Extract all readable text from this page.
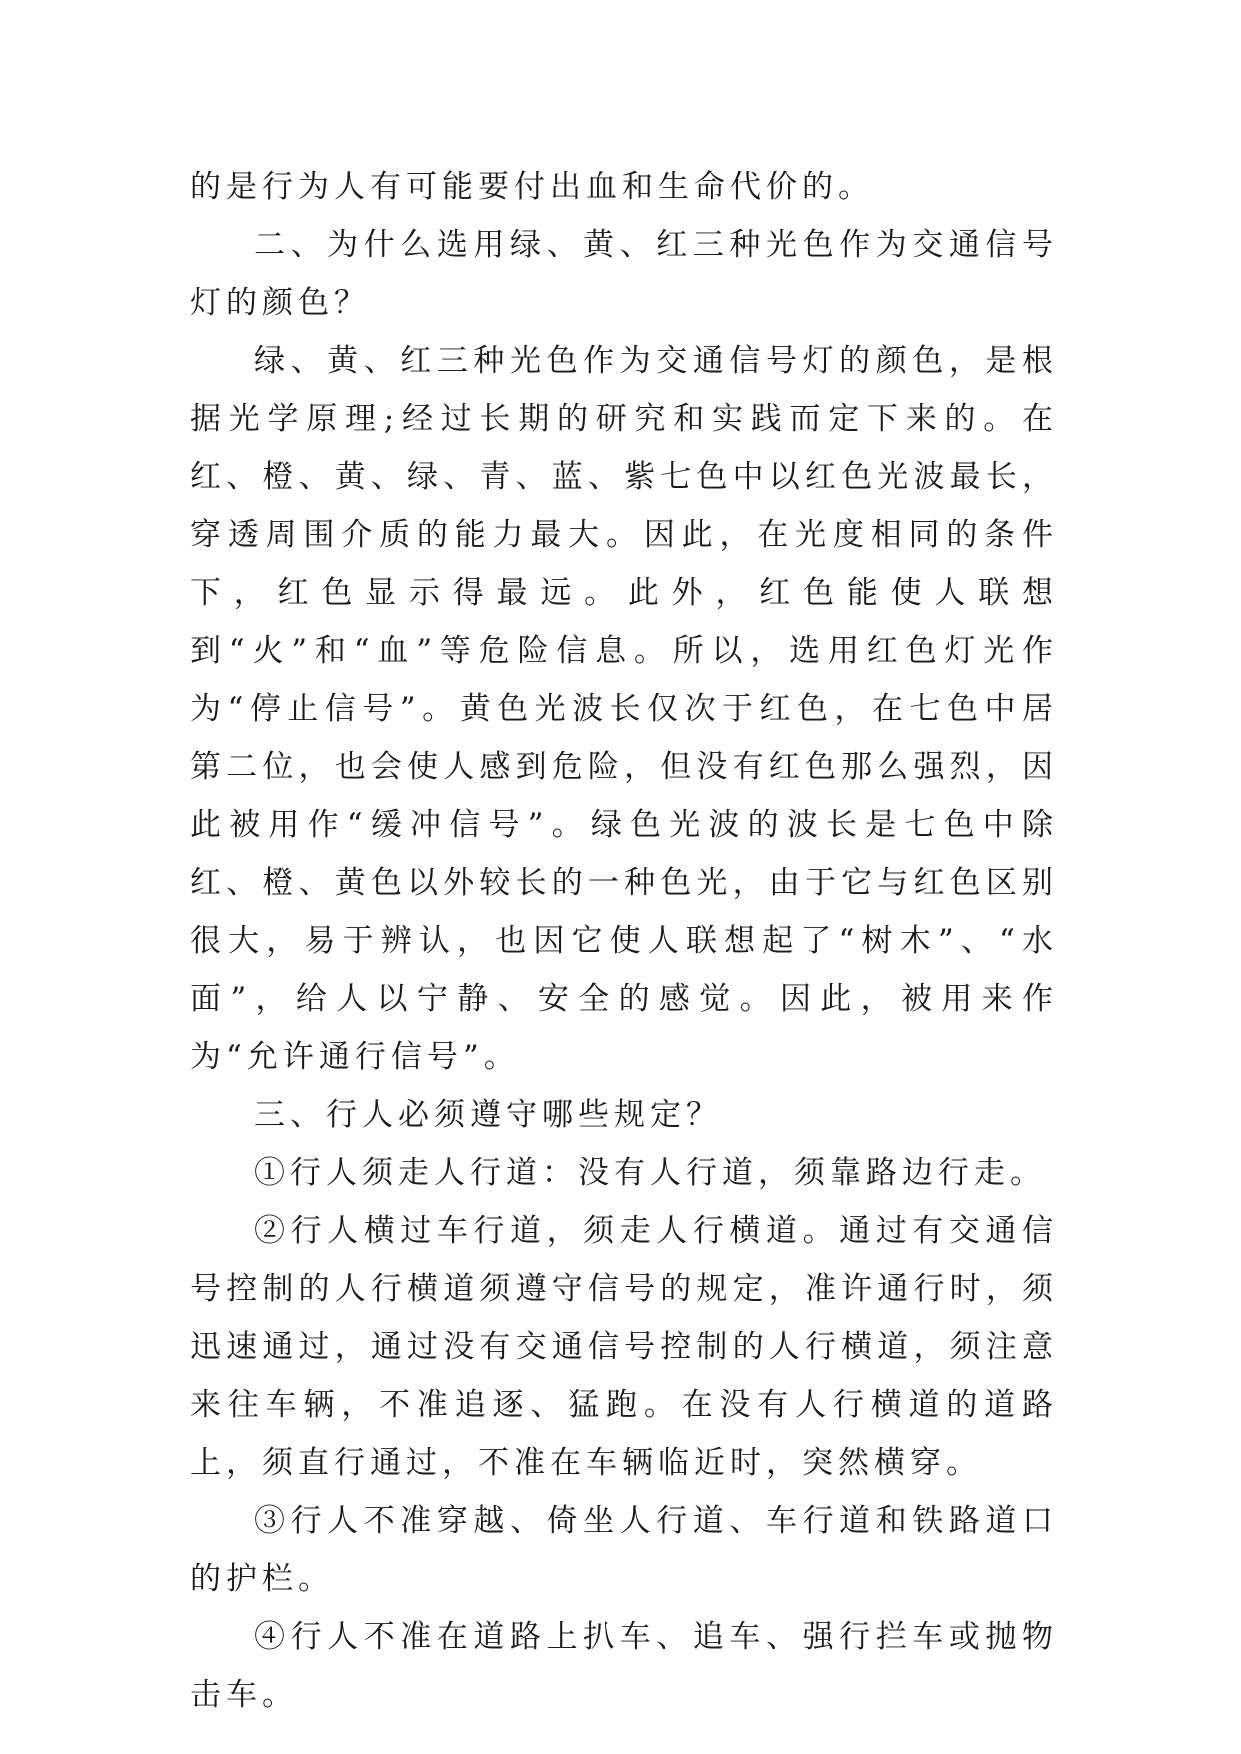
的是行为人有可能要付出血和生命代价的。

二、为什么选用绿、黄、红三种光色作为交通信号灯的颜色？

绿、黄、红三种光色作为交通信号灯的颜色，是根据光学原理;经过长期的研究和实践而定下来的。在红、橙、黄、绿、青、蓝、紫七色中以红色光波最长，穿透周围介质的能力最大。因此，在光度相同的条件下，红色显示得最远。此外，红色能使人联想到“火”和“血”等危险信息。所以，选用红色灯光作为“停止信号”。黄色光波长仅次于红色，在七色中居第二位，也会使人感到危险，但没有红色那么强烈，因此被用作“缓冲信号”。绿色光波的波长是七色中除红、橙、黄色以外较长的一种色光，由于它与红色区别很大，易于辨认，也因它使人联想起了“树木”、“水面”，给人以宁静、安全的感觉。因此，被用来作为“允许通行信号”。

三、行人必须遵守哪些规定？

①行人须走人行道：没有人行道，须靠路边行走。

②行人横过车行道，须走人行横道。通过有交通信号控制的人行横道须遵守信号的规定，准许通行时，须迅速通过，通过没有交通信号控制的人行横道，须注意来往车辆，不准追逐、猛跑。在没有人行横道的道路上，须直行通过，不准在车辆临近时，突然横穿。

③行人不准穿越、倚坐人行道、车行道和铁路道口的护栏。

④行人不准在道路上扒车、追车、强行拦车或抛物击车。
